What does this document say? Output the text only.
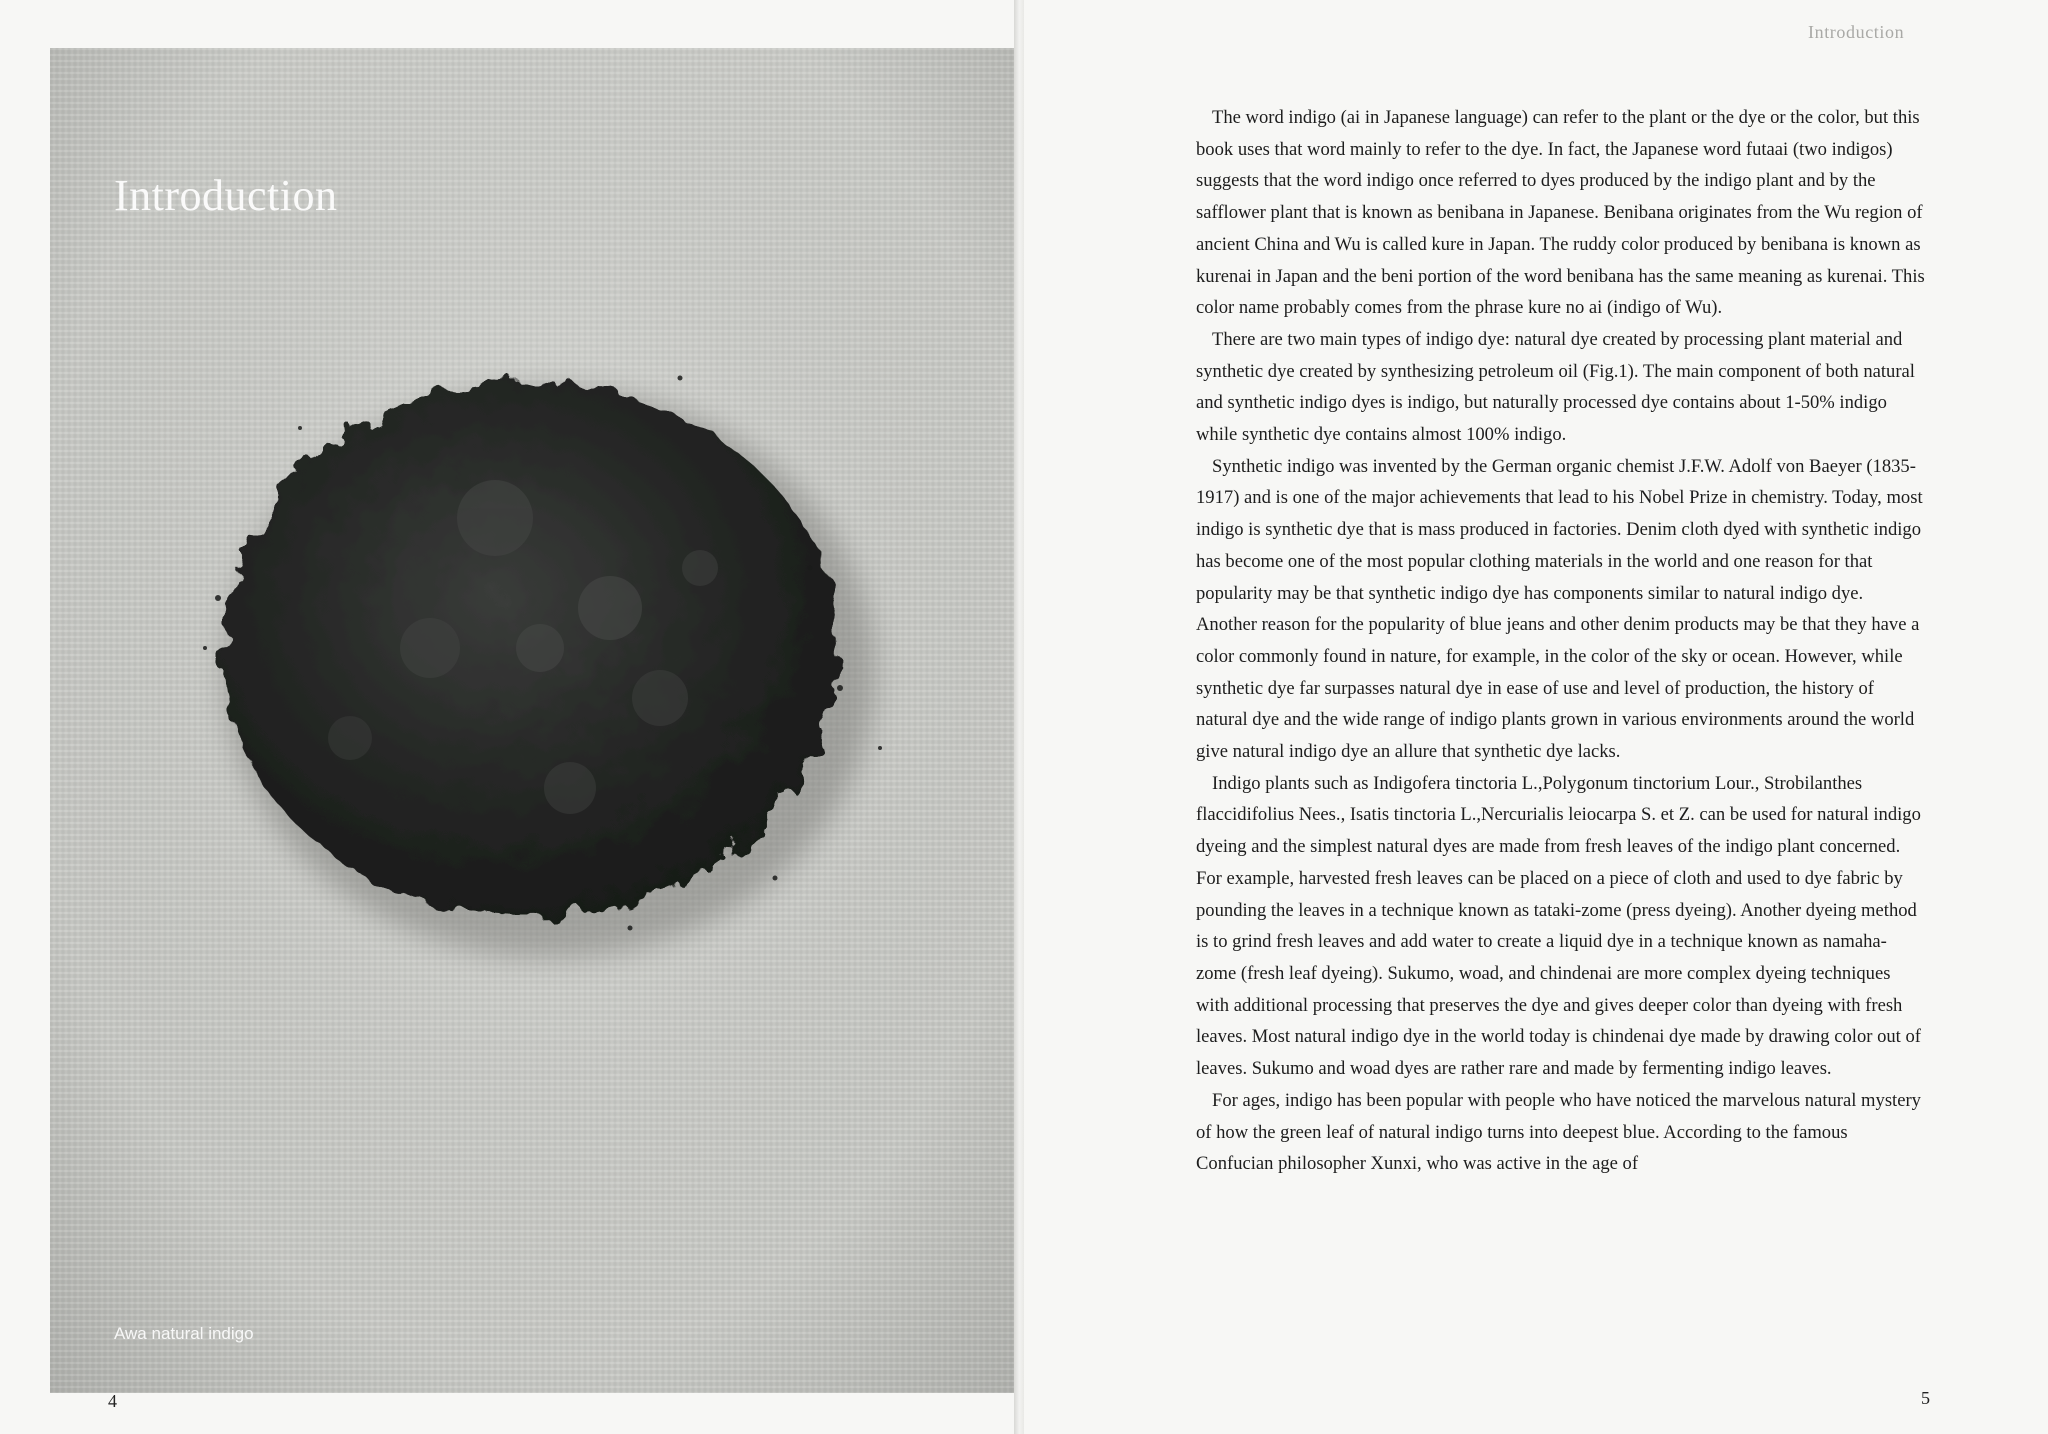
Introduction
Awa natural indigo
4
Introduction

The word indigo (ai in Japanese language) can refer to the plant or the dye or the color, but this book uses that word mainly to refer to the dye. In fact, the Japanese word futaai (two indigos) suggests that the word indigo once referred to dyes produced by the indigo plant and by the safflower plant that is known as benibana in Japanese. Benibana originates from the Wu region of ancient China and Wu is called kure in Japan. The ruddy color produced by benibana is known as kurenai in Japan and the beni portion of the word benibana has the same meaning as kurenai. This color name probably comes from the phrase kure no ai (indigo of Wu).

There are two main types of indigo dye: natural dye created by processing plant material and synthetic dye created by synthesizing petroleum oil (Fig.1). The main component of both natural and synthetic indigo dyes is indigo, but naturally processed dye contains about 1-50% indigo while synthetic dye contains almost 100% indigo.

Synthetic indigo was invented by the German organic chemist J.F.W. Adolf von Baeyer (1835-1917) and is one of the major achievements that lead to his Nobel Prize in chemistry. Today, most indigo is synthetic dye that is mass produced in factories. Denim cloth dyed with synthetic indigo has become one of the most popular clothing materials in the world and one reason for that popularity may be that synthetic indigo dye has components similar to natural indigo dye. Another reason for the popularity of blue jeans and other denim products may be that they have a color commonly found in nature, for example, in the color of the sky or ocean. However, while synthetic dye far surpasses natural dye in ease of use and level of production, the history of natural dye and the wide range of indigo plants grown in various environments around the world give natural indigo dye an allure that synthetic dye lacks.

Indigo plants such as Indigofera tinctoria L.,Polygonum tinctorium Lour., Strobilanthes flaccidifolius Nees., Isatis tinctoria L.,Nercurialis leiocarpa S. et Z. can be used for natural indigo dyeing and the simplest natural dyes are made from fresh leaves of the indigo plant concerned. For example, harvested fresh leaves can be placed on a piece of cloth and used to dye fabric by pounding the leaves in a technique known as tataki-zome (press dyeing). Another dyeing method is to grind fresh leaves and add water to create a liquid dye in a technique known as namaha-zome (fresh leaf dyeing). Sukumo, woad, and chindenai are more complex dyeing techniques with additional processing that preserves the dye and gives deeper color than dyeing with fresh leaves. Most natural indigo dye in the world today is chindenai dye made by drawing color out of leaves. Sukumo and woad dyes are rather rare and made by fermenting indigo leaves.

For ages, indigo has been popular with people who have noticed the marvelous natural mystery of how the green leaf of natural indigo turns into deepest blue. According to the famous Confucian philosopher Xunxi, who was active in the age of

5
